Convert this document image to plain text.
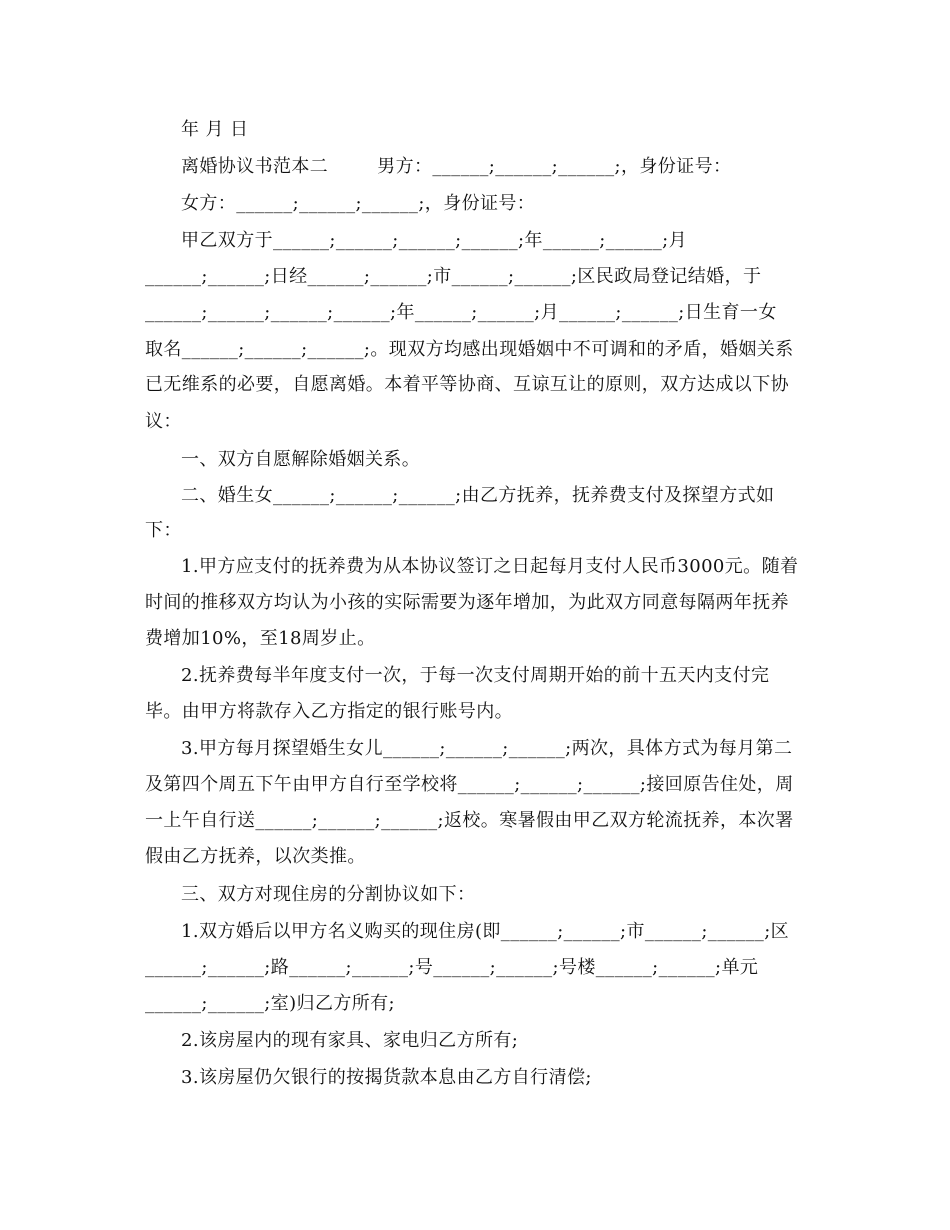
年 月 日
离婚协议书范本二        男方：______;______;______;，身份证号：
女方：______;______;______;，身份证号：
甲乙双方于______;______;______;______;年______;______;月
______;______;日经______;______;市______;______;区民政局登记结婚，于
______;______;______;______;年______;______;月______;______;日生育一女
取名______;______;______;。现双方均感出现婚姻中不可调和的矛盾，婚姻关系
已无维系的必要，自愿离婚。本着平等协商、互谅互让的原则，双方达成以下协
议：
一、双方自愿解除婚姻关系。
二、婚生女______;______;______;由乙方抚养，抚养费支付及探望方式如
下：
1.甲方应支付的抚养费为从本协议签订之日起每月支付人民币3000元。随着
时间的推移双方均认为小孩的实际需要为逐年增加，为此双方同意每隔两年抚养
费增加10%，至18周岁止。
2.抚养费每半年度支付一次，于每一次支付周期开始的前十五天内支付完
毕。由甲方将款存入乙方指定的银行账号内。
3.甲方每月探望婚生女儿______;______;______;两次，具体方式为每月第二
及第四个周五下午由甲方自行至学校将______;______;______;接回原告住处，周
一上午自行送______;______;______;返校。寒暑假由甲乙双方轮流抚养，本次署
假由乙方抚养，以次类推。
三、双方对现住房的分割协议如下：
1.双方婚后以甲方名义购买的现住房(即______;______;市______;______;区
______;______;路______;______;号______;______;号楼______;______;单元
______;______;室)归乙方所有;
2.该房屋内的现有家具、家电归乙方所有;
3.该房屋仍欠银行的按揭货款本息由乙方自行清偿;
